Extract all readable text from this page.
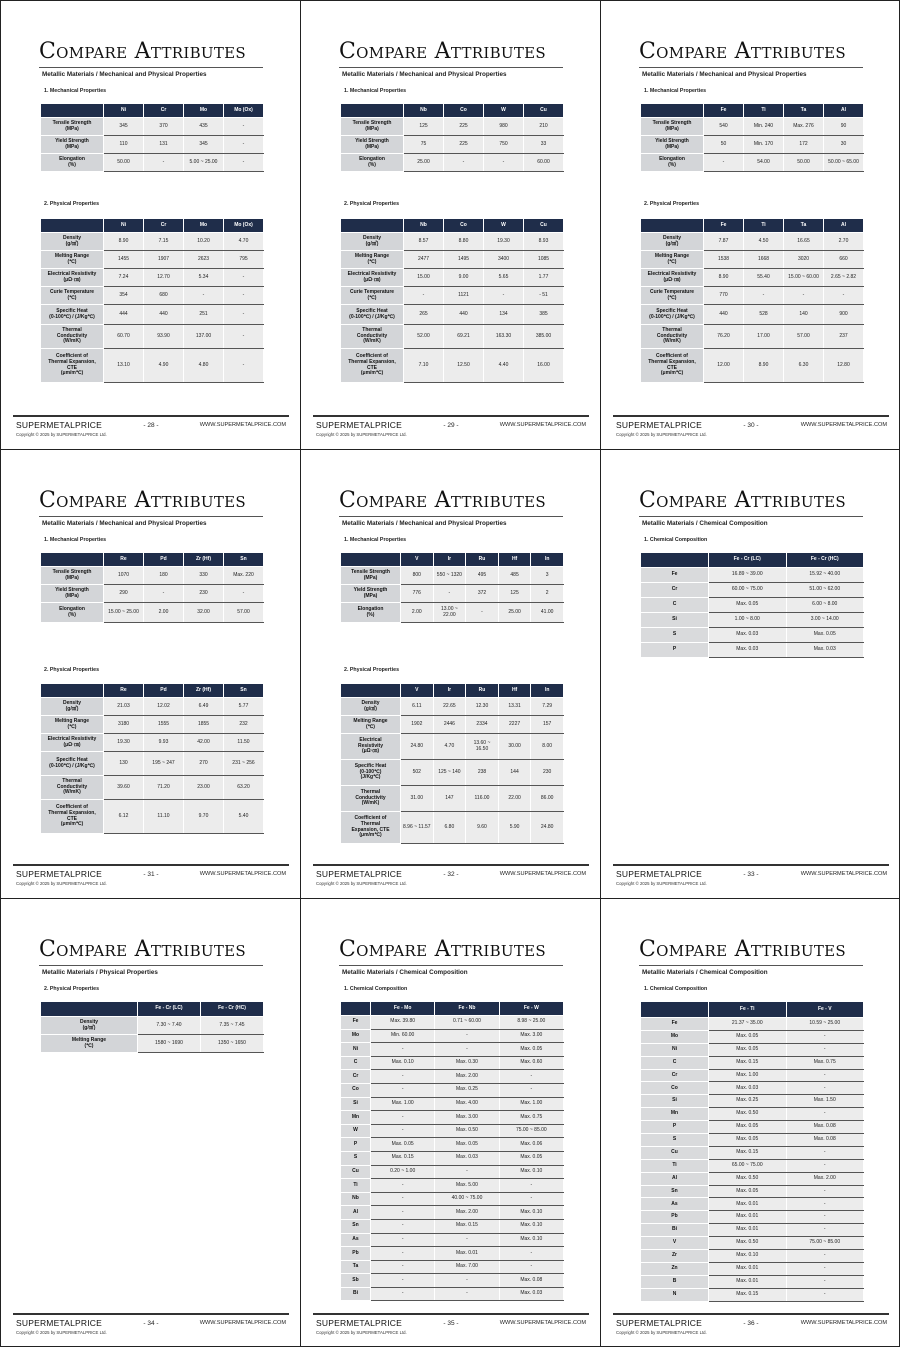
Compare Attributes
Metallic Materials / Mechanical and Physical Properties
1. Mechanical Properties
	Ni	Cr	Mo	Mo (Ox)

Tensile Strength
(MPa)	345	370	435	-

Yield Strength
(MPa)	110	131	345	-

Elongation
(%)	50.00	-	5.00 ~ 25.00	-
2. Physical Properties
	Ni	Cr	Mo	Mo (Ox)

Density
(g/㎤)	8.90	7.15	10.20	4.70

Melting Range
(℃)	1455	1907	2623	795

Electrical Resistivity
(μΩ·㎝)	7.24	12.70	5.34	-

Curie Temperature
(℃)	354	680	-	-

Specific Heat
(0-100℃) / (J/Kg℃)	444	440	251	-

Thermal
Conductivity
(W/mK)	60.70	93.90	137.00	-

Coefficient of
Thermal Expansion,
CTE
(μm/m℃)	13.10	4.90	4.80	-
SUPERMETALPRICE	- 28 -	WWW.SUPERMETALPRICE.COM
Copyright © 2025 by SUPERMETALPRICE Ltd.
Compare Attributes
Metallic Materials / Mechanical and Physical Properties
1. Mechanical Properties
	Nb	Co	W	Cu

Tensile Strength
(MPa)	125	225	980	210

Yield Strength
(MPa)	75	225	750	33

Elongation
(%)	25.00	-	-	60.00
2. Physical Properties
	Nb	Co	W	Cu

Density
(g/㎤)	8.57	8.80	19.30	8.93

Melting Range
(℃)	2477	1495	3400	1085

Electrical Resistivity
(μΩ·㎝)	15.00	9.00	5.65	1.77

Curie Temperature
(℃)	-	1121	-	- 51

Specific Heat
(0-100℃) / (J/Kg℃)	265	440	134	385

Thermal
Conductivity
(W/mK)	52.00	69.21	163.30	385.00

Coefficient of
Thermal Expansion,
CTE
(μm/m℃)	7.10	12.50	4.40	16.00
SUPERMETALPRICE	- 29 -	WWW.SUPERMETALPRICE.COM
Copyright © 2025 by SUPERMETALPRICE Ltd.
Compare Attributes
Metallic Materials / Mechanical and Physical Properties
1. Mechanical Properties
	Fe	Ti	Ta	Al

Tensile Strength
(MPa)	540	Min. 240	Max. 276	90

Yield Strength
(MPa)	50	Min. 170	172	30

Elongation
(%)	-	54.00	50.00	50.00 ~ 65.00
2. Physical Properties
	Fe	Ti	Ta	Al

Density
(g/㎤)	7.87	4.50	16.65	2.70

Melting Range
(℃)	1538	1668	3020	660

Electrical Resistivity
(μΩ·㎝)	8.90	55.40	15.00 ~ 60.00	2.65 ~ 2.82

Curie Temperature
(℃)	770	-	-	-

Specific Heat
(0-100℃) / (J/Kg℃)	440	528	140	900

Thermal
Conductivity
(W/mK)	76.20	17.00	57.00	237

Coefficient of
Thermal Expansion,
CTE
(μm/m℃)	12.00	8.90	6.30	12.80
SUPERMETALPRICE	- 30 -	WWW.SUPERMETALPRICE.COM
Copyright © 2025 by SUPERMETALPRICE Ltd.
Compare Attributes
Metallic Materials / Mechanical and Physical Properties
1. Mechanical Properties
	Re	Pd	Zr (Hf)	Sn

Tensile Strength
(MPa)	1070	180	330	Max. 220

Yield Strength
(MPa)	290	-	230	-

Elongation
(%)	15.00 ~ 25.00	2.00	32.00	57.00
2. Physical Properties
	Re	Pd	Zr (Hf)	Sn

Density
(g/㎤)	21.03	12.02	6.49	5.77

Melting Range
(℃)	3180	1555	1855	232

Electrical Resistivity
(μΩ·㎝)	19.30	9.93	42.00	11.50

Specific Heat
(0-100℃) / (J/Kg℃)	130	195 ~ 247	270	231 ~ 256

Thermal
Conductivity
(W/mK)	39.60	71.20	23.00	63.20

Coefficient of
Thermal Expansion,
CTE
(μm/m℃)	6.12	11.10	9.70	5.40
SUPERMETALPRICE	- 31 -	WWW.SUPERMETALPRICE.COM
Copyright © 2025 by SUPERMETALPRICE Ltd.
Compare Attributes
Metallic Materials / Mechanical and Physical Properties
1. Mechanical Properties
	V	Ir	Ru	Hf	In

Tensile Strength
(MPa)	800	550 ~ 1320	495	485	3

Yield Strength
(MPa)	776	-	372	125	2

Elongation
(%)	2.00	13.00 ~ 22.00	-	25.00	41.00
2. Physical Properties
	V	Ir	Ru	Hf	In

Density
(g/㎤)	6.11	22.65	12.30	13.31	7.29

Melting Range
(℃)	1902	2446	2334	2227	157

Electrical
Resistivity
(μΩ·㎝)	24.80	4.70	13.60 ~ 16.50	30.00	8.00

Specific Heat
(0-100℃)
(J/Kg℃)	502	125 ~ 140	238	144	230

Thermal
Conductivity
(W/mK)	31.00	147	116.00	22.00	86.00

Coefficient of
Thermal
Expansion, CTE
(μm/m℃)	8.96 ~ 11.57	6.80	9.60	5.90	24.80
SUPERMETALPRICE	- 32 -	WWW.SUPERMETALPRICE.COM
Copyright © 2025 by SUPERMETALPRICE Ltd.
Compare Attributes
Metallic Materials / Chemical Composition
1. Chemical Composition
	Fe - Cr (LC)	Fe - Cr (HC)

Fe	16.89 ~ 39.00	15.92 ~ 40.00

Cr	60.00 ~ 75.00	51.00 ~ 62.00

C	Max. 0.05	6.00 ~ 8.00

Si	1.00 ~ 8.00	3.00 ~ 14.00

S	Max. 0.03	Max. 0.05

P	Max. 0.03	Max. 0.03
SUPERMETALPRICE	- 33 -	WWW.SUPERMETALPRICE.COM
Copyright © 2025 by SUPERMETALPRICE Ltd.
Compare Attributes
Metallic Materials / Physical Properties
2. Physical Properties
	Fe - Cr (LC)	Fe - Cr (HC)

Density
(g/㎤)	7.30 ~ 7.40	7.35 ~ 7.45

Melting Range
(℃)	1580 ~ 1690	1350 ~ 1650
SUPERMETALPRICE	- 34 -	WWW.SUPERMETALPRICE.COM
Copyright © 2025 by SUPERMETALPRICE Ltd.
Compare Attributes
Metallic Materials / Chemical Composition
1. Chemical Composition
	Fe - Mo	Fe - Nb	Fe - W

Fe	Max. 39.80	0.71 ~ 60.00	8.98 ~ 25.00

Mo	Min. 60.00	-	Max. 3.00

Ni	-	-	Max. 0.05

C	Max. 0.10	Max. 0.30	Max. 0.60

Cr	-	Max. 2.00	-

Co	-	Max. 0.25	-

Si	Max. 1.00	Max. 4.00	Max. 1.00

Mn	-	Max. 3.00	Max. 0.75

W	-	Max. 0.50	75.00 ~ 85.00

P	Max. 0.05	Max. 0.05	Max. 0.06

S	Max. 0.15	Max. 0.03	Max. 0.05

Cu	0.20 ~ 1.00	-	Max. 0.10

Ti	-	Max. 5.00	-

Nb	-	40.00 ~ 75.00	-

Al	-	Max. 2.00	Max. 0.10

Sn	-	Max. 0.15	Max. 0.10

As	-	-	Max. 0.10

Pb	-	Max. 0.01	-

Ta	-	Max. 7.00	-

Sb	-	-	Max. 0.08

Bi	-	-	Max. 0.03
SUPERMETALPRICE	- 35 -	WWW.SUPERMETALPRICE.COM
Copyright © 2025 by SUPERMETALPRICE Ltd.
Compare Attributes
Metallic Materials / Chemical Composition
1. Chemical Composition
	Fe - Ti	Fe - V

Fe	21.37 ~ 35.00	10.59 ~ 25.00

Mo	Max. 0.05	-

Ni	Max. 0.05	-

C	Max. 0.15	Max. 0.75

Cr	Max. 1.00	-

Co	Max. 0.03	-

Si	Max. 0.25	Max. 1.50

Mn	Max. 0.50	-

P	Max. 0.05	Max. 0.08

S	Max. 0.05	Max. 0.08

Cu	Max. 0.15	-

Ti	65.00 ~ 75.00	-

Al	Max. 0.50	Max. 2.00

Sn	Max. 0.05	-

As	Max. 0.01	-

Pb	Max. 0.01	-

Bi	Max. 0.01	-

V	Max. 0.50	75.00 ~ 85.00

Zr	Max. 0.10	-

Zn	Max. 0.01	-

B	Max. 0.01	-

N	Max. 0.15	-
SUPERMETALPRICE	- 36 -	WWW.SUPERMETALPRICE.COM
Copyright © 2025 by SUPERMETALPRICE Ltd.
